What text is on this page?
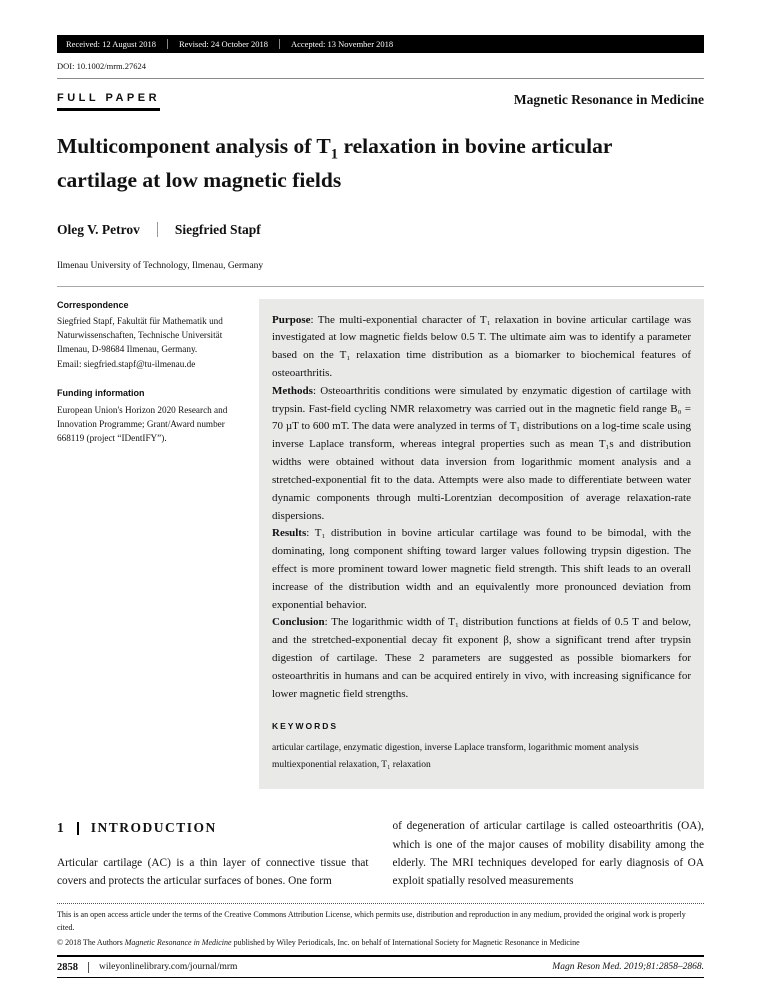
Received: 12 August 2018	Revised: 24 October 2018	Accepted: 13 November 2018
DOI: 10.1002/mrm.27624
FULL PAPER	Magnetic Resonance in Medicine
Multicomponent analysis of $T_1$ relaxation in bovine articular cartilage at low magnetic fields
Oleg V. Petrov	Siegfried Stapf
Ilmenau University of Technology, Ilmenau, Germany
Correspondence
Siegfried Stapf, Fakultät für Mathematik und Naturwissenschaften, Technische Universität Ilmenau, D-98684 Ilmenau, Germany.
Email: siegfried.stapf@tu-ilmenau.de
Funding information
European Union's Horizon 2020 Research and Innovation Programme; Grant/Award number 668119 (project “IDentIFY”).

Purpose: The multi-exponential character of T₁ relaxation in bovine articular cartilage was investigated at low magnetic fields below 0.5 T. The ultimate aim was to identify a parameter based on the T₁ relaxation time distribution as a biomarker to biochemical features of osteoarthritis.

Methods: Osteoarthritis conditions were simulated by enzymatic digestion of cartilage with trypsin. Fast-field cycling NMR relaxometry was carried out in the magnetic field range B₀ = 70 µT to 600 mT. The data were analyzed in terms of T₁ distributions on a log-time scale using inverse Laplace transform, whereas integral properties such as mean T₁s and distribution widths were obtained without data inversion from logarithmic moment analysis and a stretched-exponential fit to the data. Attempts were also made to differentiate between water dynamic components through multi-Lorentzian decomposition of average relaxation-rate dispersions.

Results: T₁ distribution in bovine articular cartilage was found to be bimodal, with the dominating, long component shifting toward larger values following trypsin digestion. The effect is more prominent toward lower magnetic field strength. This shift leads to an overall increase of the distribution width and an equivalently more pronounced deviation from exponential behavior.

Conclusion: The logarithmic width of T₁ distribution functions at fields of 0.5 T and below, and the stretched-exponential decay fit exponent β, show a significant trend after trypsin digestion of cartilage. These 2 parameters are suggested as possible biomarkers for osteoarthritis in humans and can be acquired entirely in vivo, with increasing significance for lower magnetic field strengths.

KEYWORDS
articular cartilage, enzymatic digestion, inverse Laplace transform, logarithmic moment analysis multiexponential relaxation, T₁ relaxation
1 INTRODUCTION

Articular cartilage (AC) is a thin layer of connective tissue that covers and protects the articular surfaces of bones. One form

of degeneration of articular cartilage is called osteoarthritis (OA), which is one of the major causes of mobility disability among the elderly. The MRI techniques developed for early diagnosis of OA exploit spatially resolved measurements

This is an open access article under the terms of the Creative Commons Attribution License, which permits use, distribution and reproduction in any medium, provided the original work is properly cited.
© 2018 The Authors Magnetic Resonance in Medicine published by Wiley Periodicals, Inc. on behalf of International Society for Magnetic Resonance in Medicine
2858 wileyonlinelibrary.com/journal/mrm	Magn Reson Med. 2019;81:2858–2868.
